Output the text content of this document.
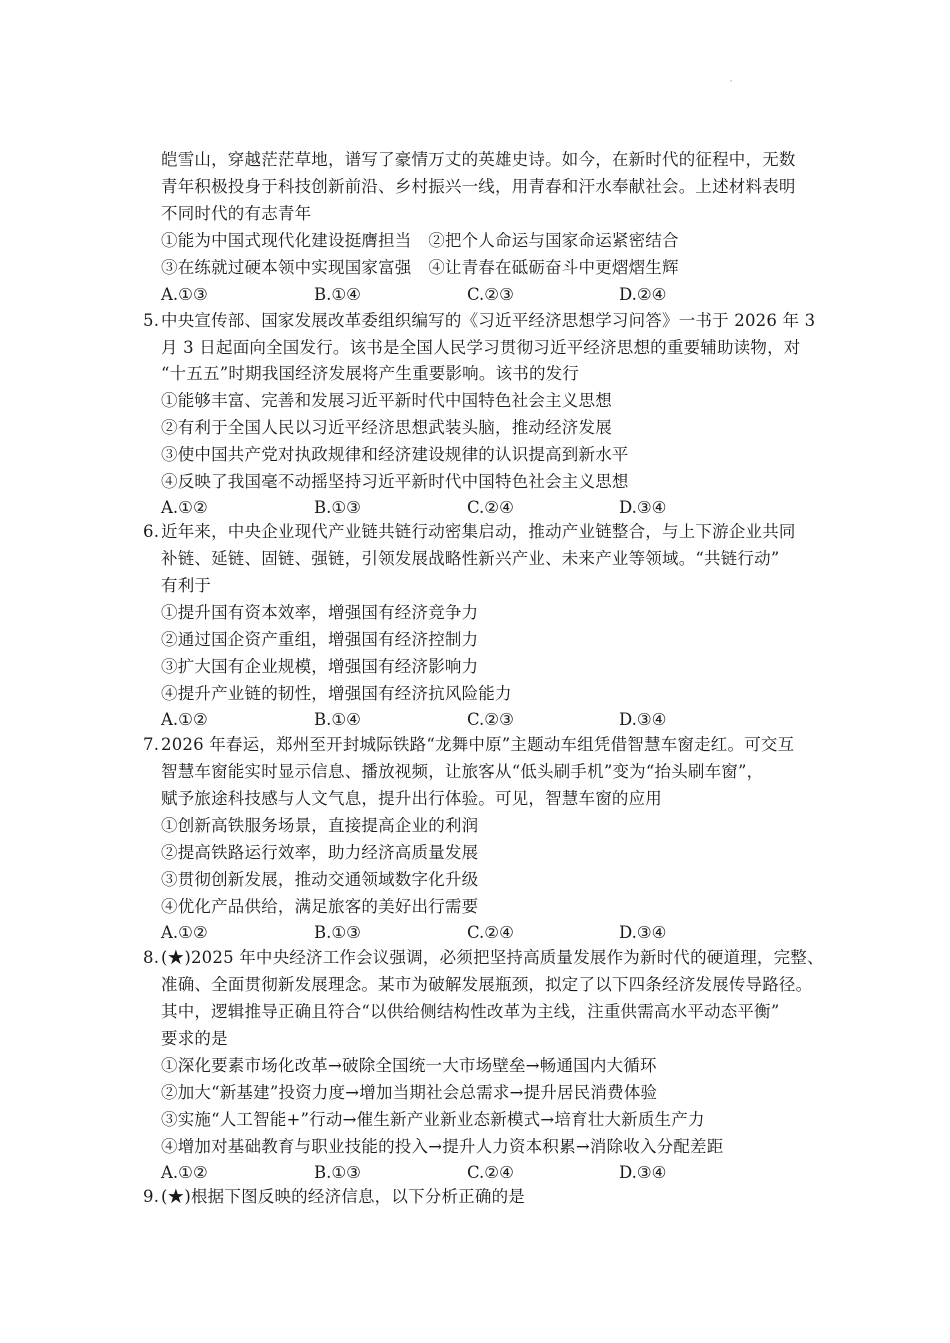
皑雪山，穿越茫茫草地，谱写了豪情万丈的英雄史诗。如今，在新时代的征程中，无数
青年积极投身于科技创新前沿、乡村振兴一线，用青春和汗水奉献社会。上述材料表明
不同时代的有志青年
①能为中国式现代化建设挺膺担当　②把个人命运与国家命运紧密结合
③在练就过硬本领中实现国家富强　④让青春在砥砺奋斗中更熠熠生辉
A.①③	B.①④	C.②③	D.②④
5. 中央宣传部、国家发展改革委组织编写的《习近平经济思想学习问答》一书于 2026 年 3
月 3 日起面向全国发行。该书是全国人民学习贯彻习近平经济思想的重要辅助读物，对
“十五五”时期我国经济发展将产生重要影响。该书的发行
①能够丰富、完善和发展习近平新时代中国特色社会主义思想
②有利于全国人民以习近平经济思想武装头脑，推动经济发展
③使中国共产党对执政规律和经济建设规律的认识提高到新水平
④反映了我国毫不动摇坚持习近平新时代中国特色社会主义思想
A.①②	B.①③	C.②④	D.③④
6. 近年来，中央企业现代产业链共链行动密集启动，推动产业链整合，与上下游企业共同
补链、延链、固链、强链，引领发展战略性新兴产业、未来产业等领域。“共链行动”
有利于
①提升国有资本效率，增强国有经济竞争力
②通过国企资产重组，增强国有经济控制力
③扩大国有企业规模，增强国有经济影响力
④提升产业链的韧性，增强国有经济抗风险能力
A.①②	B.①④	C.②③	D.③④
7. 2026 年春运，郑州至开封城际铁路“龙舞中原”主题动车组凭借智慧车窗走红。可交互
智慧车窗能实时显示信息、播放视频，让旅客从“低头刷手机”变为“抬头刷车窗”，
赋予旅途科技感与人文气息，提升出行体验。可见，智慧车窗的应用
①创新高铁服务场景，直接提高企业的利润
②提高铁路运行效率，助力经济高质量发展
③贯彻创新发展，推动交通领域数字化升级
④优化产品供给，满足旅客的美好出行需要
A.①②	B.①③	C.②④	D.③④
8. (★)2025 年中央经济工作会议强调，必须把坚持高质量发展作为新时代的硬道理，完整、
准确、全面贯彻新发展理念。某市为破解发展瓶颈，拟定了以下四条经济发展传导路径。
其中，逻辑推导正确且符合“以供给侧结构性改革为主线，注重供需高水平动态平衡”
要求的是
①深化要素市场化改革→破除全国统一大市场壁垒→畅通国内大循环
②加大“新基建”投资力度→增加当期社会总需求→提升居民消费体验
③实施“人工智能+”行动→催生新产业新业态新模式→培育壮大新质生产力
④增加对基础教育与职业技能的投入→提升人力资本积累→消除收入分配差距
A.①②	B.①③	C.②④	D.③④
9. (★)根据下图反映的经济信息，以下分析正确的是
